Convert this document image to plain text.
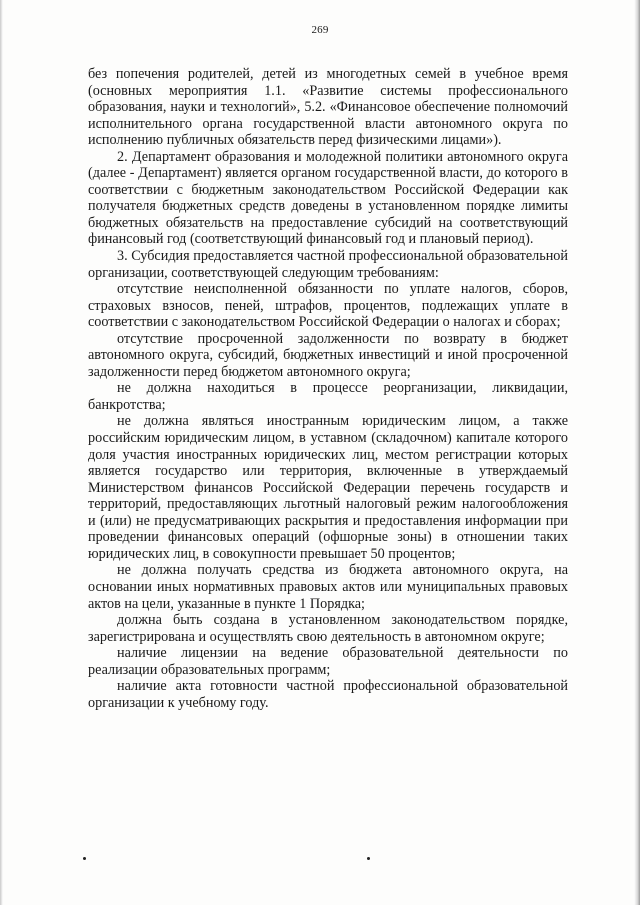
269

без попечения родителей, детей из многодетных семей в учебное время (основных мероприятия 1.1. «Развитие системы профессионального образования, науки и технологий», 5.2. «Финансовое обеспечение полномочий исполнительного органа государственной власти автономного округа по исполнению публичных обязательств перед физическими лицами»).

2. Департамент образования и молодежной политики автономного округа (далее - Департамент) является органом государственной власти, до которого в соответствии с бюджетным законодательством Российской Федерации как получателя бюджетных средств доведены в установленном порядке лимиты бюджетных обязательств на предоставление субсидий на соответствующий финансовый год (соответствующий финансовый год и плановый период).

3. Субсидия предоставляется частной профессиональной образовательной организации, соответствующей следующим требованиям:

отсутствие неисполненной обязанности по уплате налогов, сборов, страховых взносов, пеней, штрафов, процентов, подлежащих уплате в соответствии с законодательством Российской Федерации о налогах и сборах;

отсутствие просроченной задолженности по возврату в бюджет автономного округа, субсидий, бюджетных инвестиций и иной просроченной задолженности перед бюджетом автономного округа;

не должна находиться в процессе реорганизации, ликвидации, банкротства;

не должна являться иностранным юридическим лицом, а также российским юридическим лицом, в уставном (складочном) капитале которого доля участия иностранных юридических лиц, местом регистрации которых является государство или территория, включенные в утверждаемый Министерством финансов Российской Федерации перечень государств и территорий, предоставляющих льготный налоговый режим налогообложения и (или) не предусматривающих раскрытия и предоставления информации при проведении финансовых операций (офшорные зоны) в отношении таких юридических лиц, в совокупности превышает 50 процентов;

не должна получать средства из бюджета автономного округа, на основании иных нормативных правовых актов или муниципальных правовых актов на цели, указанные в пункте 1 Порядка;

должна быть создана в установленном законодательством порядке, зарегистрирована и осуществлять свою деятельность в автономном округе;

наличие лицензии на ведение образовательной деятельности по реализации образовательных программ;

наличие акта готовности частной профессиональной образовательной организации к учебному году.
